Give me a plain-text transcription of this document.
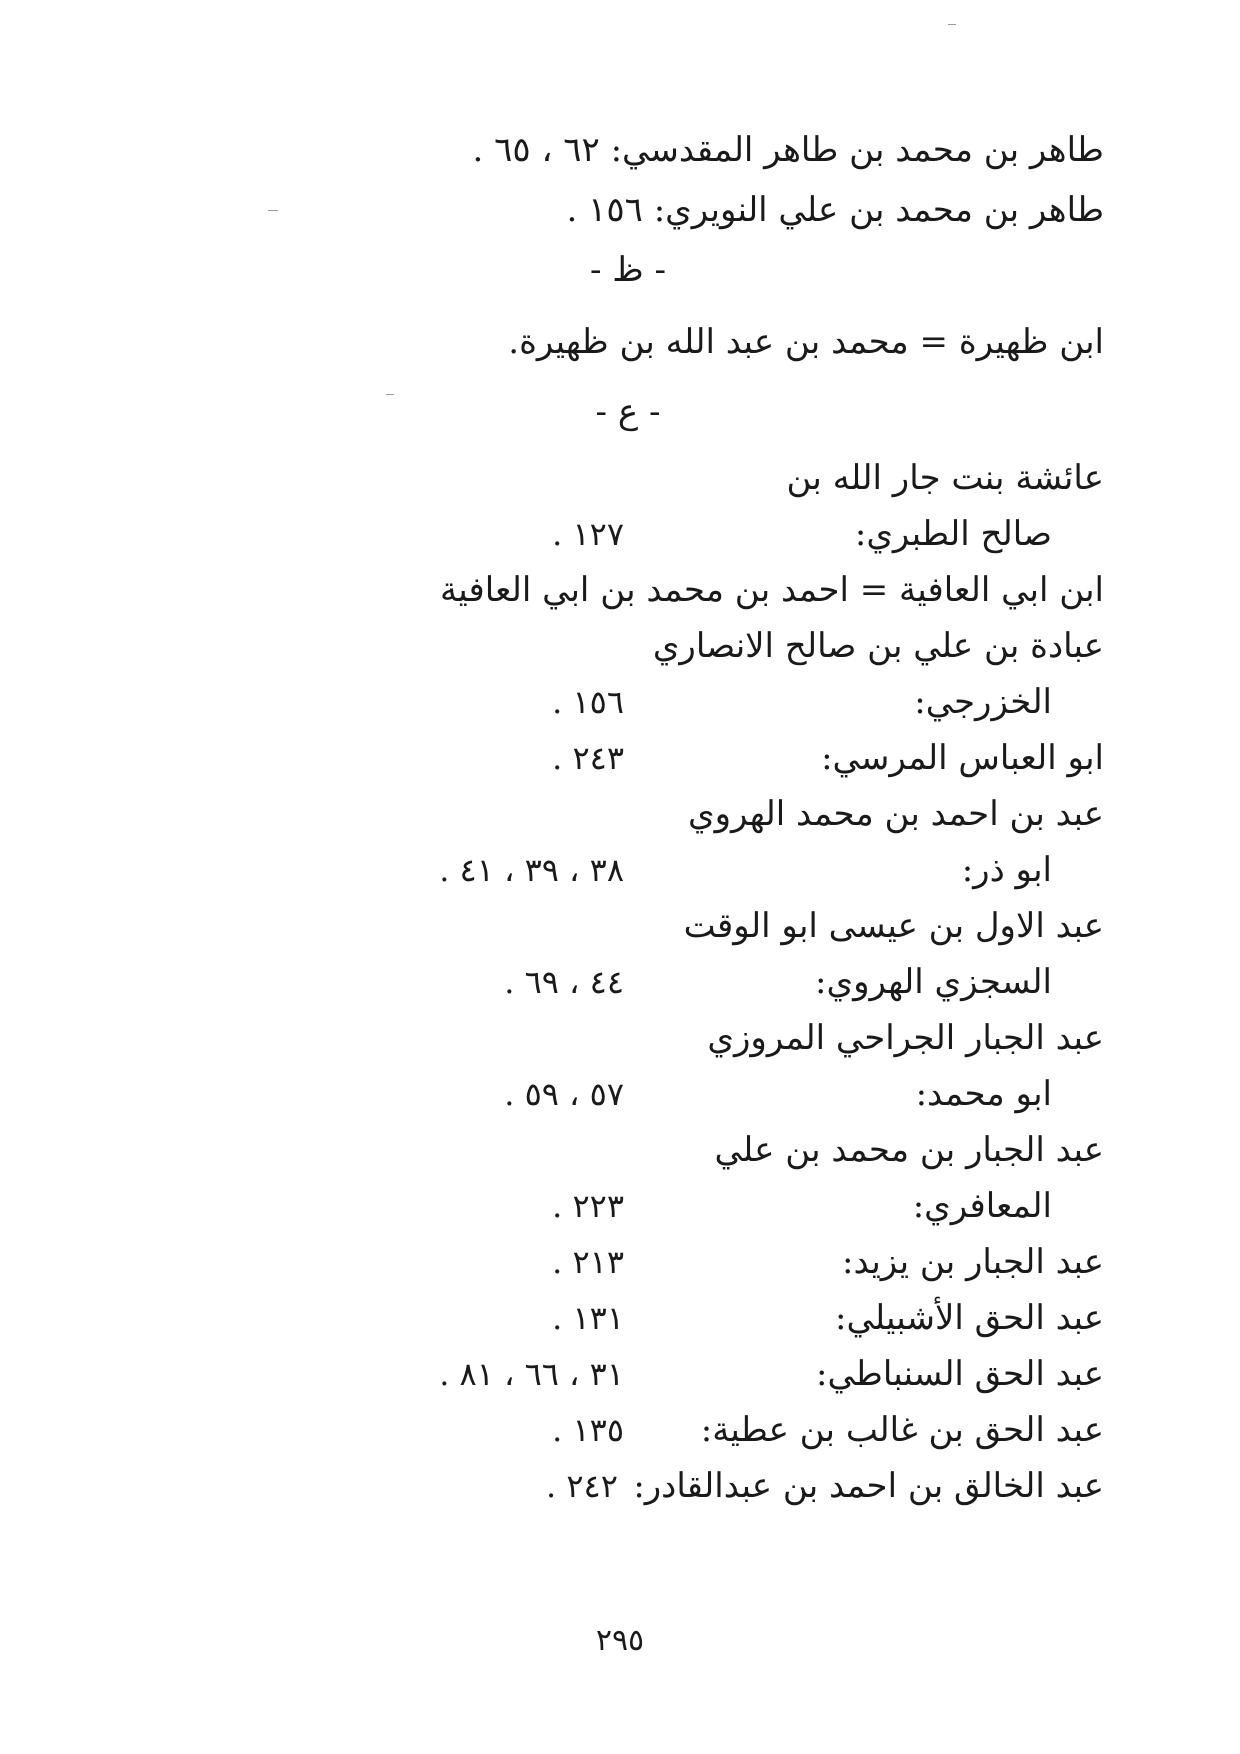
طاهر بن محمد بن طاهر المقدسي: ٦٢ ، ٦٥ .
طاهر بن محمد بن علي النويري: ١٥٦ .
- ظ -
ابن ظهيرة = محمد بن عبد الله بن ظهيرة.
- ع -
عائشة بنت جار الله بن
صالح الطبري:
١٢٧ .
ابن ابي العافية = احمد بن محمد بن ابي العافية
عبادة بن علي بن صالح الانصاري
الخزرجي:
١٥٦ .
ابو العباس المرسي:
٢٤٣ .
عبد بن احمد بن محمد الهروي
ابو ذر:
٣٨ ، ٣٩ ، ٤١ .
عبد الاول بن عيسى ابو الوقت
السجزي الهروي:
٤٤ ، ٦٩ .
عبد الجبار الجراحي المروزي
ابو محمد:
٥٧ ، ٥٩ .
عبد الجبار بن محمد بن علي
المعافري:
٢٢٣ .
عبد الجبار بن يزيد:
٢١٣ .
عبد الحق الأشبيلي:
١٣١ .
عبد الحق السنباطي:
٣١ ، ٦٦ ، ٨١ .
عبد الحق بن غالب بن عطية:
١٣٥ .
عبد الخالق بن احمد بن عبدالقادر:
٢٤٢ .
٢٩٥
